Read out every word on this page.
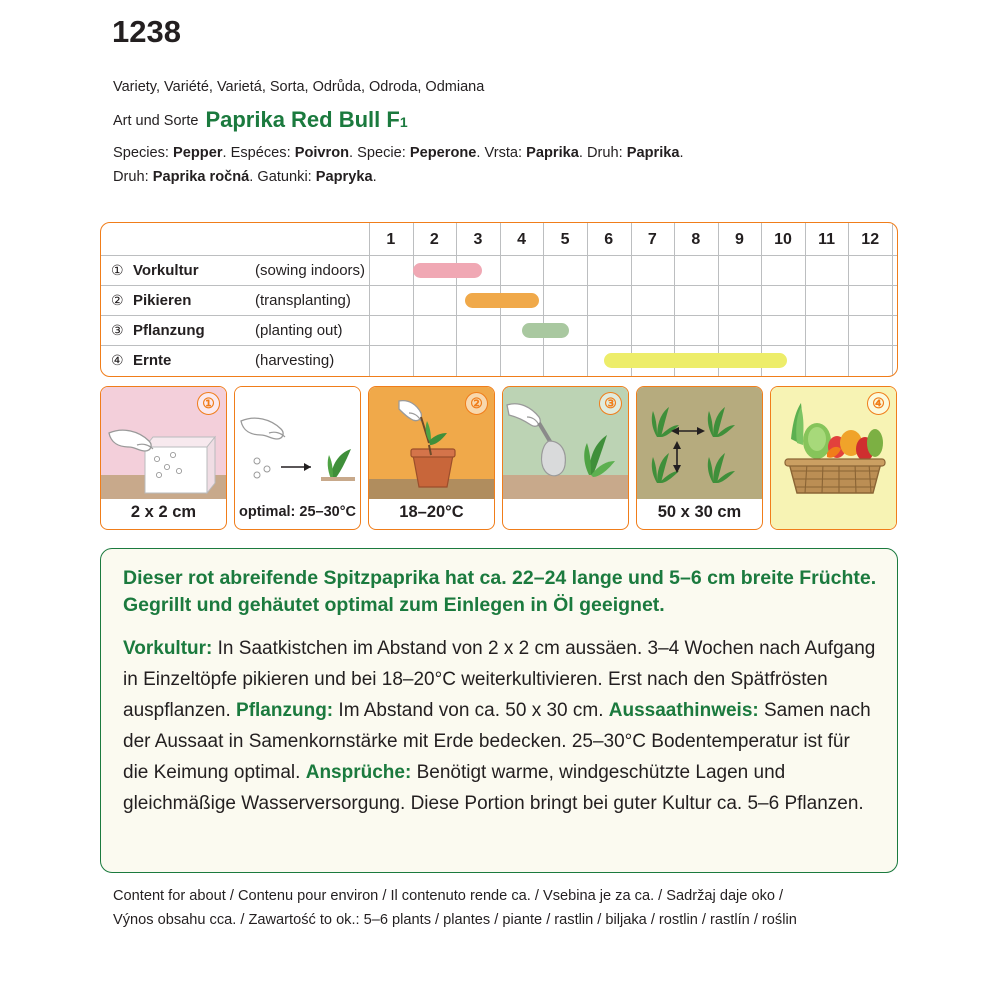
1238
Variety, Variété, Varietá, Sorta, Odrůda, Odroda, Odmiana
Art und Sorte Paprika Red Bull F1
Species: Pepper. Espéces: Poivron. Specie: Peperone. Vrsta: Paprika. Druh: Paprika.
Druh: Paprika ročná. Gatunki: Papryka.
1	2	3	4	5	6	7	8	9	10	11	12
① Vorkultur	(sowing indoors)
② Pikieren	(transplanting)
③ Pflanzung	(planting out)
④ Ernte	(harvesting)
①
2 x 2 cm	optimal: 25–30°C
②
18–20°C
③
50 x 30 cm
④

Dieser rot abreifende Spitzpaprika hat ca. 22–24 lange und 5–6 cm breite Früchte. Gegrillt und gehäutet optimal zum Einlegen in Öl geeignet.

Vorkultur: In Saatkistchen im Abstand von 2 x 2 cm aussäen. 3–4 Wochen nach Aufgang in Einzeltöpfe pikieren und bei 18–20°C weiterkultivieren. Erst nach den Spätfrösten auspflanzen. Pflanzung: Im Abstand von ca. 50 x 30 cm. Aussaathinweis: Samen nach der Aussaat in Samenkornstärke mit Erde bedecken. 25–30°C Bodentemperatur ist für die Keimung optimal. Ansprüche: Benötigt warme, windgeschützte Lagen und gleichmäßige Wasserversorgung. Diese Portion bringt bei guter Kultur ca. 5–6 Pflanzen.
Content for about / Contenu pour environ / Il contenuto rende ca. / Vsebina je za ca. / Sadržaj daje oko /
Výnos obsahu cca. / Zawartość to ok.: 5–6 plants / plantes / piante / rastlin / biljaka / rostlin / rastlín / roślin
